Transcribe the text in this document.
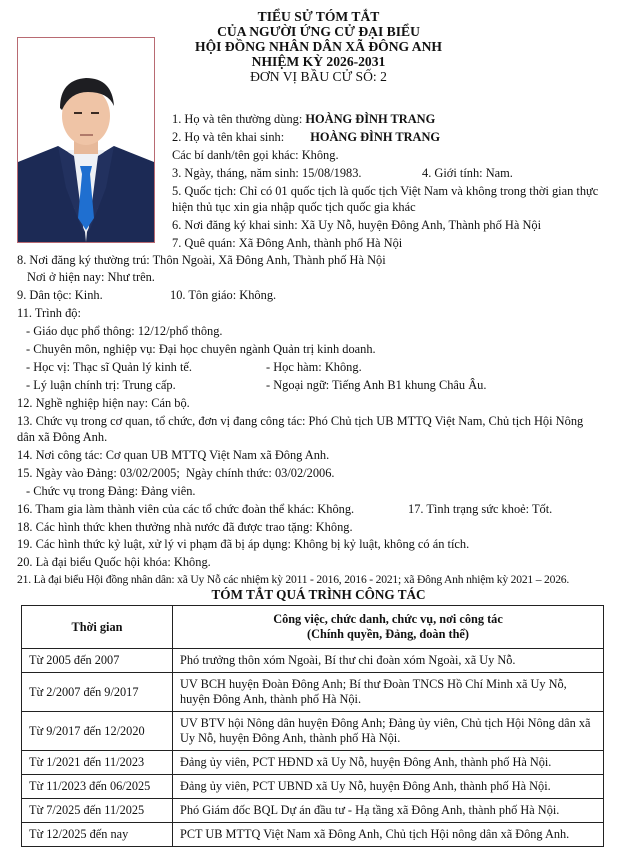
TIỂU SỬ TÓM TẮT
CỦA NGƯỜI ỨNG CỬ ĐẠI BIỂU
HỘI ĐỒNG NHÂN DÂN XÃ ĐÔNG ANH
NHIỆM KỲ 2026-2031
ĐƠN VỊ BẦU CỬ SỐ: 2
1. Họ và tên thường dùng: HOÀNG ĐÌNH TRANG
2. Họ và tên khai sinh: HOÀNG ĐÌNH TRANG
Các bí danh/tên gọi khác: Không.
3. Ngày, tháng, năm sinh: 15/08/1983.	4. Giới tính: Nam.
5. Quốc tịch: Chỉ có 01 quốc tịch là quốc tịch Việt Nam và không trong thời gian thực
hiện thủ tục xin gia nhập quốc tịch quốc gia khác
6. Nơi đăng ký khai sinh: Xã Uy Nỗ, huyện Đông Anh, Thành phố Hà Nội
7. Quê quán: Xã Đông Anh, thành phố Hà Nội
8. Nơi đăng ký thường trú: Thôn Ngoài, Xã Đông Anh, Thành phố Hà Nội
Nơi ở hiện nay: Như trên.
9. Dân tộc: Kinh.	10. Tôn giáo: Không.
11. Trình độ:
- Giáo dục phổ thông: 12/12/phổ thông.
- Chuyên môn, nghiệp vụ: Đại học chuyên ngành Quản trị kinh doanh.
- Học vị: Thạc sĩ Quản lý kinh tế.	- Học hàm: Không.
- Lý luận chính trị: Trung cấp.	- Ngoại ngữ: Tiếng Anh B1 khung Châu Âu.
12. Nghề nghiệp hiện nay: Cán bộ.
13. Chức vụ trong cơ quan, tổ chức, đơn vị đang công tác: Phó Chủ tịch UB MTTQ Việt Nam, Chủ tịch Hội Nông
dân xã Đông Anh.
14. Nơi công tác: Cơ quan UB MTTQ Việt Nam xã Đông Anh.
15. Ngày vào Đảng: 03/02/2005; Ngày chính thức: 03/02/2006.
- Chức vụ trong Đảng: Đảng viên.
16. Tham gia làm thành viên của các tổ chức đoàn thể khác: Không.	17. Tình trạng sức khoẻ: Tốt.
18. Các hình thức khen thưởng nhà nước đã được trao tặng: Không.
19. Các hình thức kỷ luật, xử lý vi phạm đã bị áp dụng: Không bị kỷ luật, không có án tích.
20. Là đại biểu Quốc hội khóa: Không.
21. Là đại biểu Hội đồng nhân dân: xã Uy Nỗ các nhiệm kỳ 2011 - 2016, 2016 - 2021; xã Đông Anh nhiệm kỳ 2021 – 2026.
TÓM TẮT QUÁ TRÌNH CÔNG TÁC
Thời gian	Công việc, chức danh, chức vụ, nơi công tác
(Chính quyền, Đảng, đoàn thể)

Từ 2005 đến 2007	Phó trưởng thôn xóm Ngoài, Bí thư chi đoàn xóm Ngoài, xã Uy Nỗ.
Từ 2/2007 đến 9/2017	UV BCH huyện Đoàn Đông Anh; Bí thư Đoàn TNCS Hồ Chí Minh xã Uy Nỗ, huyện Đông Anh, thành phố Hà Nội.
Từ 9/2017 đến 12/2020	UV BTV hội Nông dân huyện Đông Anh; Đảng ủy viên, Chủ tịch Hội Nông dân xã Uy Nỗ, huyện Đông Anh, thành phố Hà Nội.
Từ 1/2021 đến 11/2023	Đảng ủy viên, PCT HĐND xã Uy Nỗ, huyện Đông Anh, thành phố Hà Nội.
Từ 11/2023 đến 06/2025	Đảng ủy viên, PCT UBND xã Uy Nỗ, huyện Đông Anh, thành phố Hà Nội.
Từ 7/2025 đến 11/2025	Phó Giám đốc BQL Dự án đầu tư - Hạ tầng xã Đông Anh, thành phố Hà Nội.
Từ 12/2025 đến nay	PCT UB MTTQ Việt Nam xã Đông Anh, Chủ tịch Hội nông dân xã Đông Anh.
